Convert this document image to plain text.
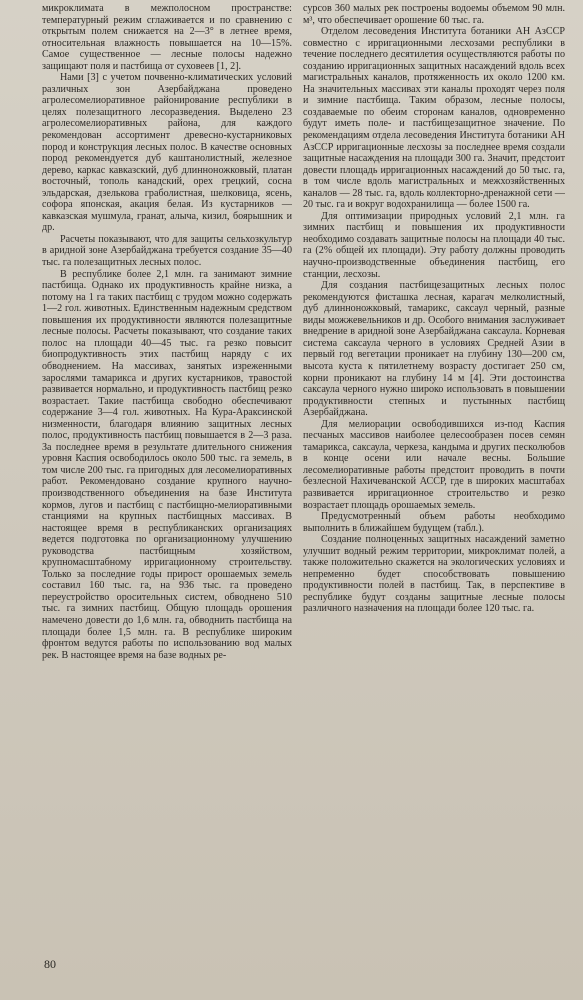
микроклимата в межполосном пространстве: температурный режим сглаживается и по сравнению с открытым полем снижается на 2—3° в летнее время, относительная влажность повышается на 10—15%. Самое существенное — лесные полосы надежно защищают поля и пастбища от суховеев [1, 2].

Нами [3] с учетом почвенно-климатических условий различных зон Азербайджана проведено агролесомелиоративное районирование республики в целях полезащитного лесоразведения. Выделено 23 агролесомелиоративных района, для каждого рекомендован ассортимент древесно-кустарниковых пород и конструкция лесных полос. В качестве основных пород рекомендуется дуб каштанолистный, железное дерево, каркас кавказский, дуб длинноножковый, платан восточный, тополь канадский, орех грецкий, сосна эльдарская, дзелькова граболистная, шелковица, ясень, софора японская, акация белая. Из кустарников — кавказская мушмула, гранат, алыча, кизил, боярышник и др.

Расчеты показывают, что для защиты сельхозкультур в аридной зоне Азербайджана требуется создание 35—40 тыс. га полезащитных лесных полос.

В республике более 2,1 млн. га занимают зимние пастбища. Однако их продуктивность крайне низка, а потому на 1 га таких пастбищ с трудом можно содержать 1—2 гол. животных. Единственным надежным средством повышения их продуктивности являются полезащитные лесные полосы. Расчеты показывают, что создание таких полос на площади 40—45 тыс. га резко повысит биопродуктивность этих пастбищ наряду с их обводнением. На массивах, занятых изреженными зарослями тамарикса и других кустарников, травостой развивается нормально, и продуктивность пастбищ резко возрастает. Такие пастбища свободно обеспечивают содержание 3—4 гол. животных. На Кура-Араксинской низменности, благодаря влиянию защитных лесных полос, продуктивность пастбищ повышается в 2—3 раза. За последнее время в результате длительного снижения уровня Каспия освободилось около 500 тыс. га земель, в том числе 200 тыс. га пригодных для лесомелиоративных работ. Рекомендовано создание крупного научно-производственного объединения на базе Института кормов, лугов и пастбищ с пастбищно-мелиоративными станциями на крупных пастбищных массивах. В настоящее время в республиканских организациях ведется подготовка по организационному улучшению руководства пастбищным хозяйством, крупномасштабному ирригационному строительству. Только за последние годы прирост орошаемых земель составил 160 тыс. га, на 936 тыс. га проведено переустройство оросительных систем, обводнено 510 тыс. га зимних пастбищ. Общую площадь орошения намечено довести до 1,6 млн. га, обводнить пастбища на площади более 1,5 млн. га. В республике широким фронтом ведутся работы по использованию вод малых рек. В настоящее время на базе водных ре-

сурсов 360 малых рек построены водоемы объемом 90 млн. м³, что обеспечивает орошение 60 тыс. га.

Отделом лесоведения Института ботаники АН АзССР совместно с ирригационными лесхозами республики в течение последнего десятилетия осуществляются работы по созданию ирригационных защитных насаждений вдоль всех магистральных каналов, протяженность их около 1200 км. На значительных массивах эти каналы проходят через поля и зимние пастбища. Таким образом, лесные полосы, создаваемые по обеим сторонам каналов, одновременно будут иметь поле- и пастбищезащитное значение. По рекомендациям отдела лесоведения Института ботаники АН АзССР ирригационные лесхозы за последнее время создали защитные насаждения на площади 300 га. Значит, предстоит довести площадь ирригационных насаждений до 50 тыс. га, в том числе вдоль магистральных и межхозяйственных каналов — 28 тыс. га, вдоль коллекторно-дренажной сети — 20 тыс. га и вокруг водохранилища — более 1500 га.

Для оптимизации природных условий 2,1 млн. га зимних пастбищ и повышения их продуктивности необходимо создавать защитные полосы на площади 40 тыс. га (2% общей их площади). Эту работу должны проводить научно-производственные объединения пастбищ, его станции, лесхозы.

Для создания пастбищезащитных лесных полос рекомендуются фисташка лесная, карагач мелколистный, дуб длинноножковый, тамарикс, саксаул черный, разные виды можжевельников и др. Особого внимания заслуживает внедрение в аридной зоне Азербайджана саксаула. Корневая система саксаула черного в условиях Средней Азии в первый год вегетации проникает на глубину 130—200 см, высота куста к пятилетнему возрасту достигает 250 см, корни проникают на глубину 14 м [4]. Эти достоинства саксаула черного нужно широко использовать в повышении продуктивности степных и пустынных пастбищ Азербайджана.

Для мелиорации освободившихся из-под Каспия песчаных массивов наиболее целесообразен посев семян тамарикса, саксаула, черкеза, кандыма и других песколюбов в конце осени или начале весны. Большие лесомелиоративные работы предстоит проводить в почти безлесной Нахичеванской АССР, где в широких масштабах развивается ирригационное строительство и резко возрастает площадь орошаемых земель.

Предусмотренный объем работы необходимо выполнить в ближайшем будущем (табл.).

Создание полноценных защитных насаждений заметно улучшит водный режим территории, микроклимат полей, а также положительно скажется на экологических условиях и непременно будет способствовать повышению продуктивности полей в пастбищ. Так, в перспективе в республике будут созданы защитные лесные полосы различного назначения на площади более 120 тыс. га.

80
